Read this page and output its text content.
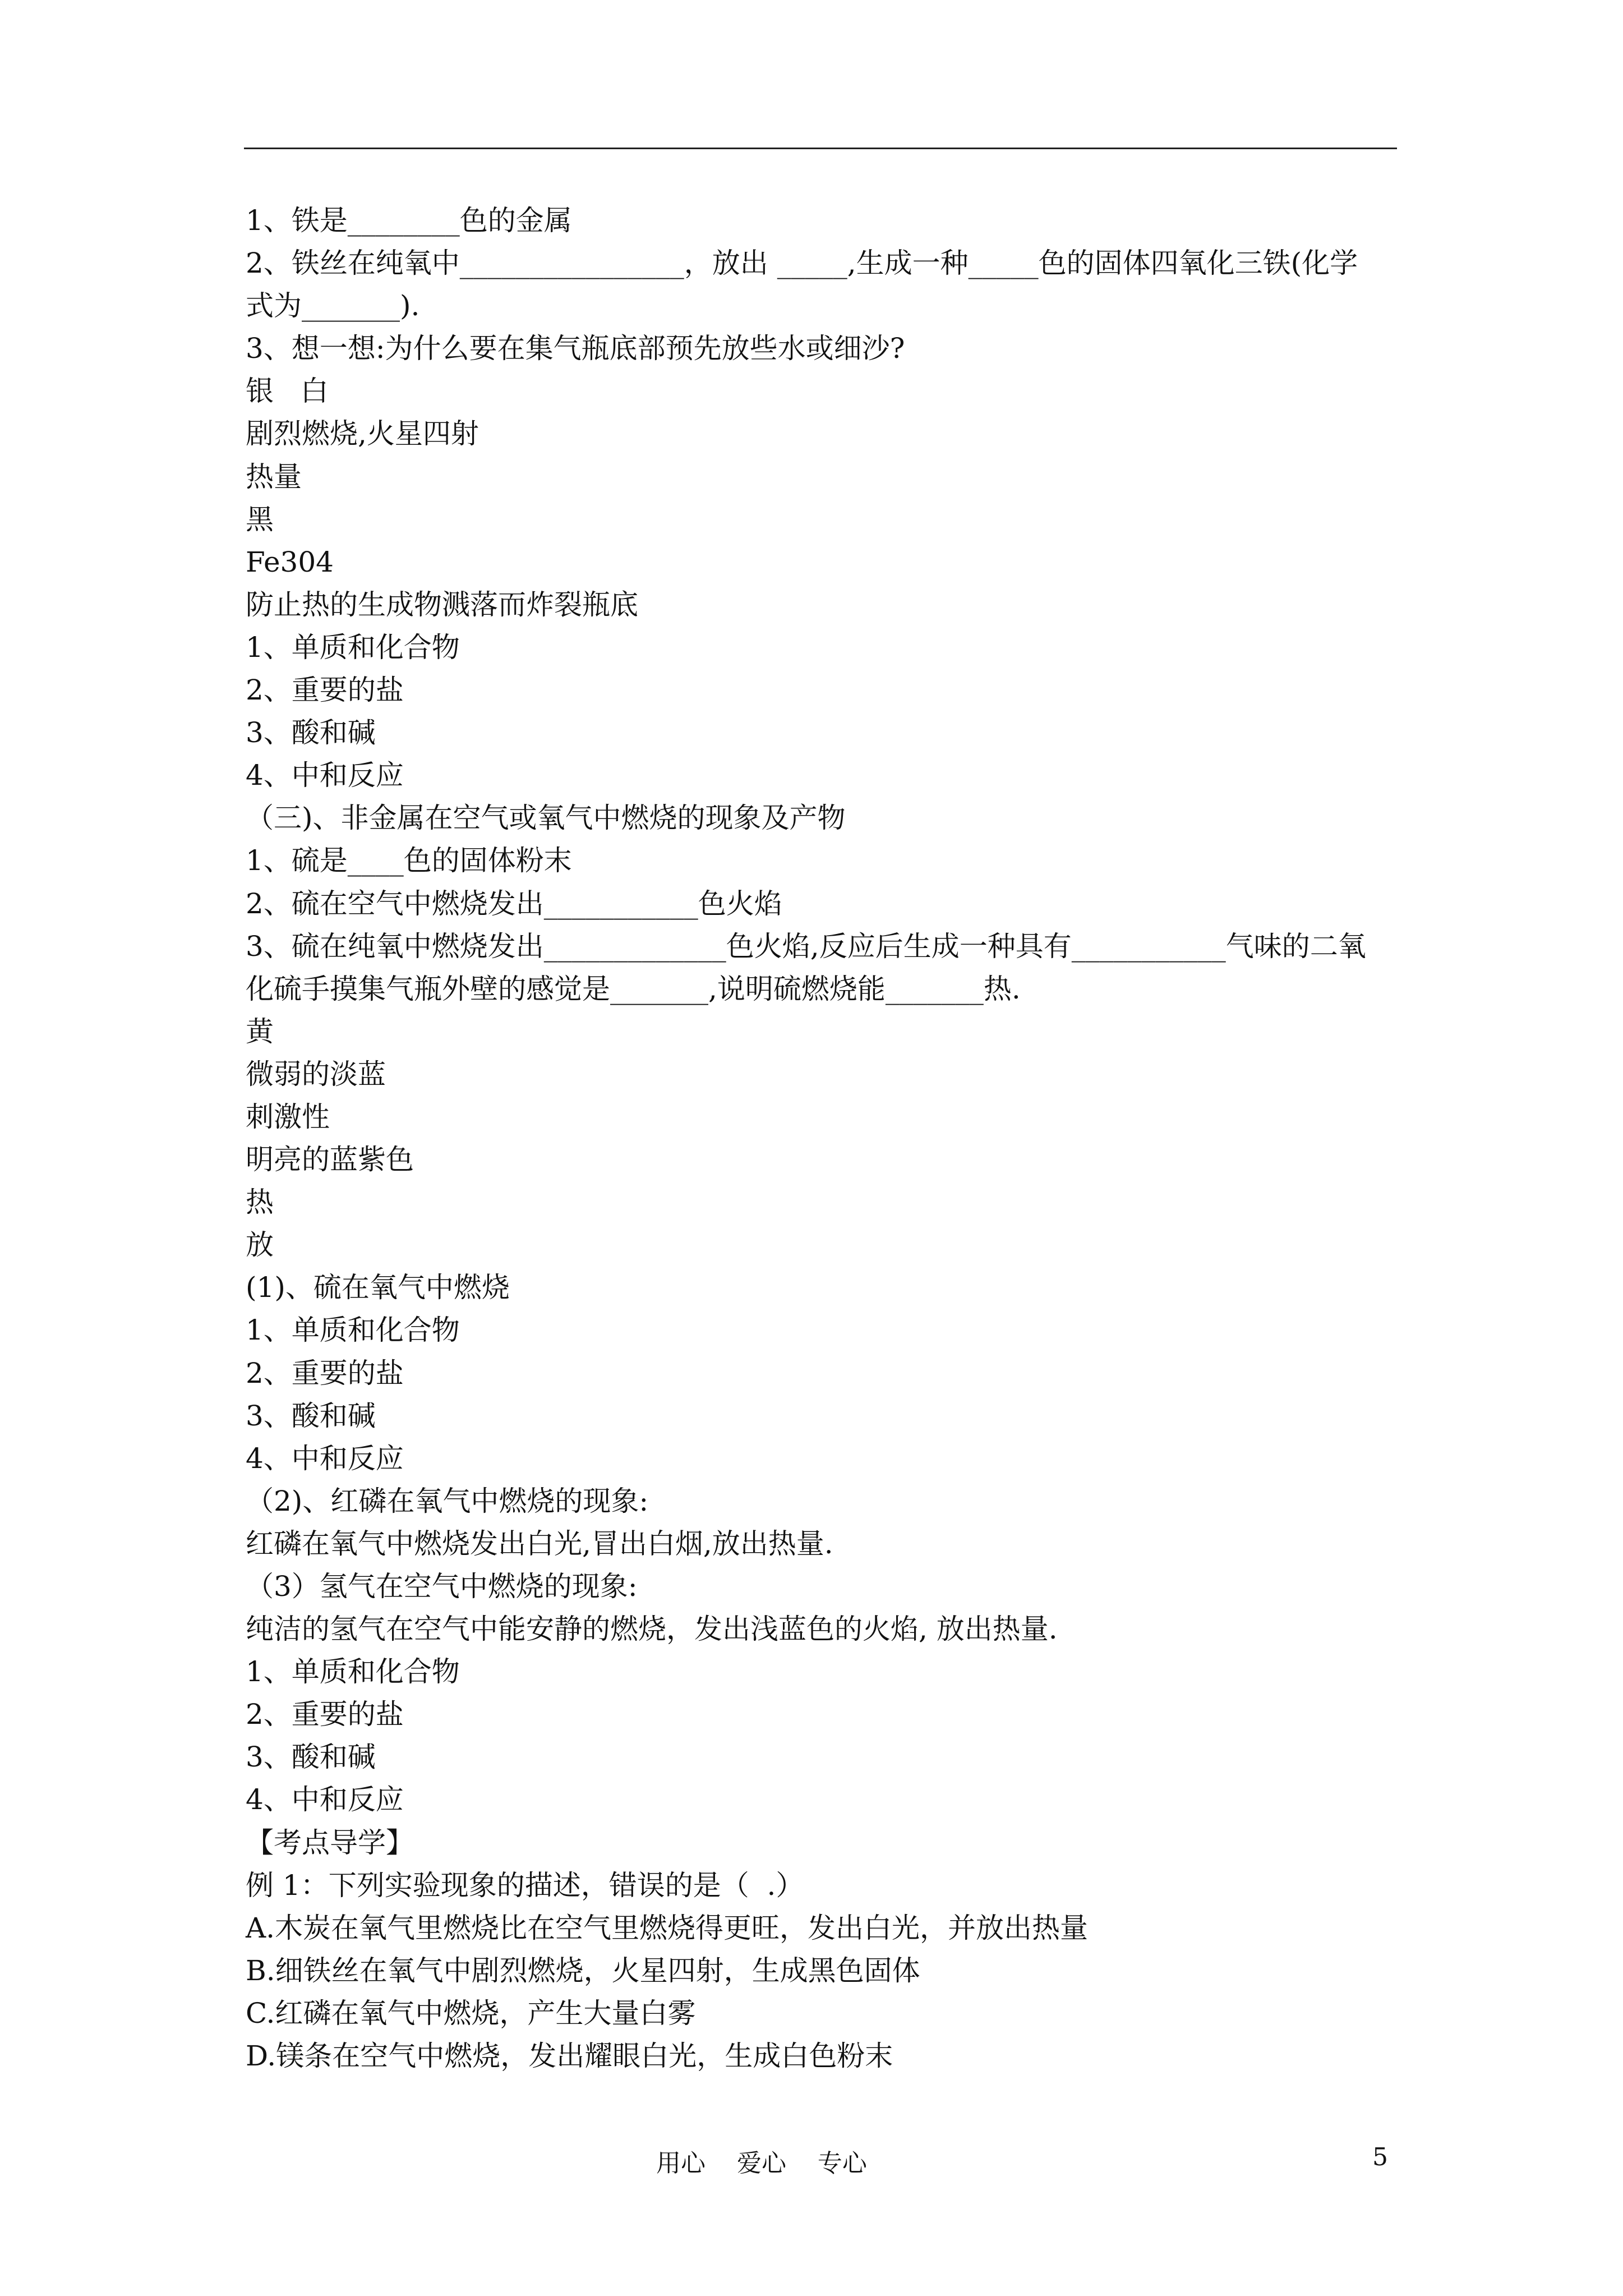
1、铁是________色的金属

2、铁丝在纯氧中________________，放出 _____,生成一种_____色的固体四氧化三铁(化学

式为_______).

3、想一想:为什么要在集气瓶底部预先放些水或细沙?

银   白

剧烈燃烧,火星四射

热量

黑

Fe304

防止热的生成物溅落而炸裂瓶底

1、单质和化合物

2、重要的盐

3、酸和碱

4、中和反应

（三)、非金属在空气或氧气中燃烧的现象及产物

1、硫是____色的固体粉末

2、硫在空气中燃烧发出___________色火焰

3、硫在纯氧中燃烧发出_____________色火焰,反应后生成一种具有___________气味的二氧

化硫手摸集气瓶外壁的感觉是_______,说明硫燃烧能_______热.

黄

微弱的淡蓝

刺激性

明亮的蓝紫色

热

放

(1)、硫在氧气中燃烧

1、单质和化合物

2、重要的盐

3、酸和碱

4、中和反应

（2)、红磷在氧气中燃烧的现象:

红磷在氧气中燃烧发出白光,冒出白烟,放出热量.

（3）氢气在空气中燃烧的现象:

纯洁的氢气在空气中能安静的燃烧，发出浅蓝色的火焰, 放出热量.

1、单质和化合物

2、重要的盐

3、酸和碱

4、中和反应

【考点导学】

例 1：下列实验现象的描述，错误的是（  .）

A.木炭在氧气里燃烧比在空气里燃烧得更旺，发出白光，并放出热量

B.细铁丝在氧气中剧烈燃烧，火星四射，生成黑色固体

C.红磷在氧气中燃烧，产生大量白雾

D.镁条在空气中燃烧，发出耀眼白光，生成白色粉末

用心    爱心    专心	5
